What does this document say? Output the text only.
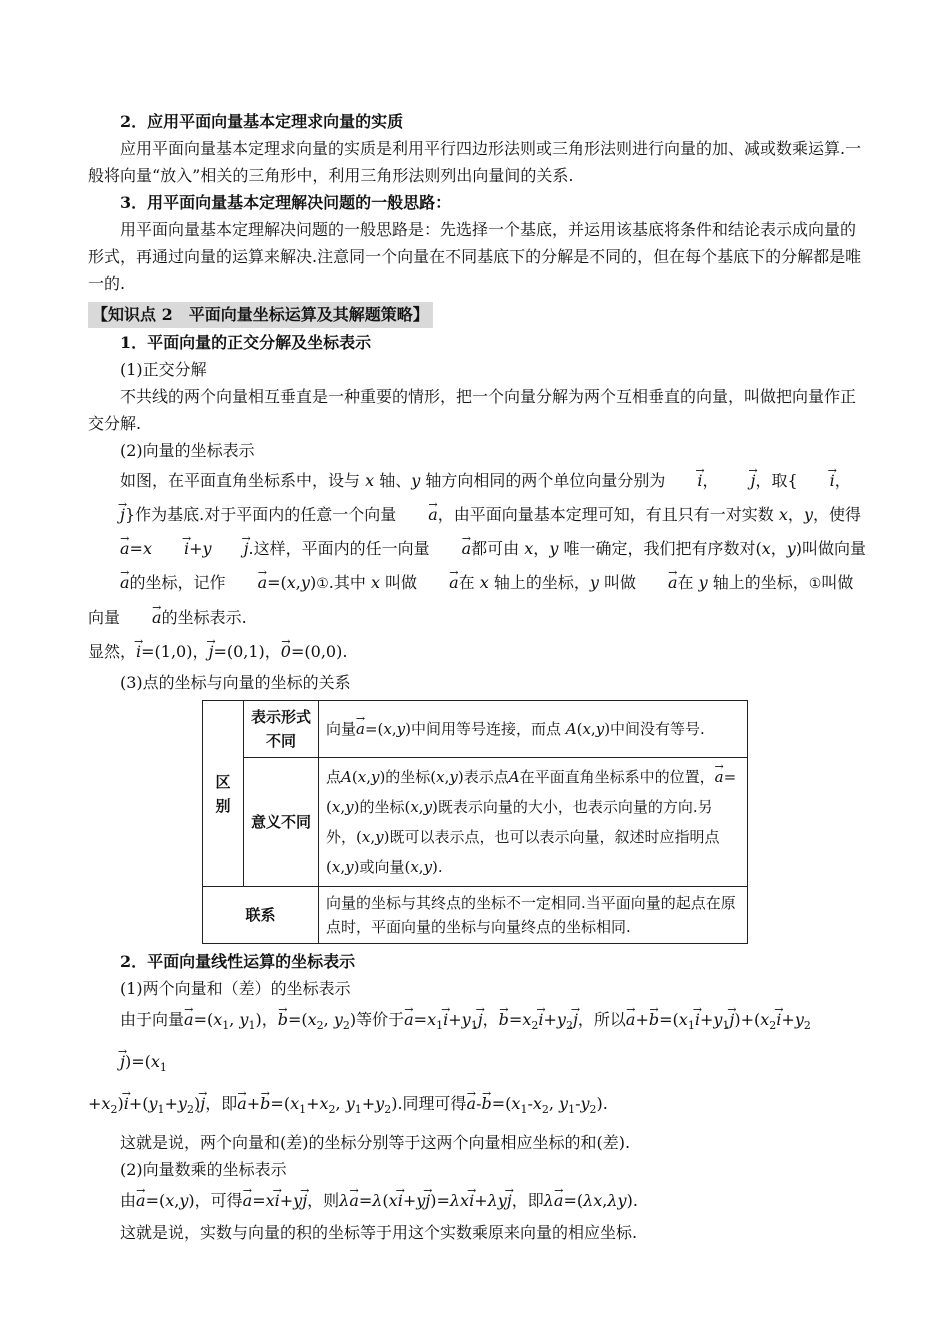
2．应用平面向量基本定理求向量的实质

应用平面向量基本定理求向量的实质是利用平行四边形法则或三角形法则进行向量的加、减或数乘运算.一般将向量“放入”相关的三角形中，利用三角形法则列出向量间的关系.

3．用平面向量基本定理解决问题的一般思路：

用平面向量基本定理解决问题的一般思路是：先选择一个基底，并运用该基底将条件和结论表示成向量的形式，再通过向量的运算来解决.注意同一个向量在不同基底下的分解是不同的，但在每个基底下的分解都是唯一的.

【知识点 2　平面向量坐标运算及其解题策略】

1．平面向量的正交分解及坐标表示

(1)正交分解

不共线的两个向量相互垂直是一种重要的情形，把一个向量分解为两个互相垂直的向量，叫做把向量作正交分解.

(2)向量的坐标表示

如图，在平面直角坐标系中，设与 x 轴、y 轴方向相同的两个单位向量分别为 → i， → j，取{ → i，→ j}作为基底.对于平面内的任意一个向量 → a，由平面向量基本定理可知，有且只有一对实数 x，y，使得→ a=x → i+y → j.这样，平面内的任一向量 → a都可由 x，y 唯一确定，我们把有序数对(x，y)叫做向量→ a的坐标，记作 → a=(x,y)①.其中 x 叫做 → a在 x 轴上的坐标，y 叫做 → a在 y 轴上的坐标，①叫做向量 → a的坐标表示.

显然，→ i=(1,0)，→ j=(0,1)，→ 0=(0,0).

(3)点的坐标与向量的坐标的关系

区别	表示形式不同	向量→ a=(x,y)中间用等号连接，而点 A(x,y)中间没有等号.
	意义不同	点A(x,y)的坐标(x,y)表示点A在平面直角坐标系中的位置，→ a=(x,y)的坐标(x,y)既表示向量的大小，也表示向量的方向.另外，(x,y)既可以表示点，也可以表示向量，叙述时应指明点(x,y)或向量(x,y).
联系		向量的坐标与其终点的坐标不一定相同.当平面向量的起点在原点时，平面向量的坐标与向量终点的坐标相同.

2．平面向量线性运算的坐标表示

(1)两个向量和（差）的坐标表示

由于向量→ $a=(x_1$, $y_1$)，→ $b=(x_2$, $y_2$)等价于→ $a=x_1\to i+y_1\to j$，→ $b=x_2\to i+y_2\to j$，所以→ $a+\to b=(x_1\to i+y_1\to j)+(x_2\to i+y_2$

→ $j)=(x_1$

$+x_2)\to i+(y_1+y_2)\to j$，即→ $a+\to b=(x_1+x_2$, $y_1+y_2$).同理可得→ $a-\to b=(x_1-x_2$, $y_1-y_2$).

这就是说，两个向量和(差)的坐标分别等于这两个向量相应坐标的和(差).

(2)向量数乘的坐标表示

由→ a=(x,y)，可得→ a=x→ i+y→ j，则λ→ a=λ(x→ i+y→ j)=λx→ i+λy→ j，即λ→ a=(λx,λy).

这就是说，实数与向量的积的坐标等于用这个实数乘原来向量的相应坐标.
